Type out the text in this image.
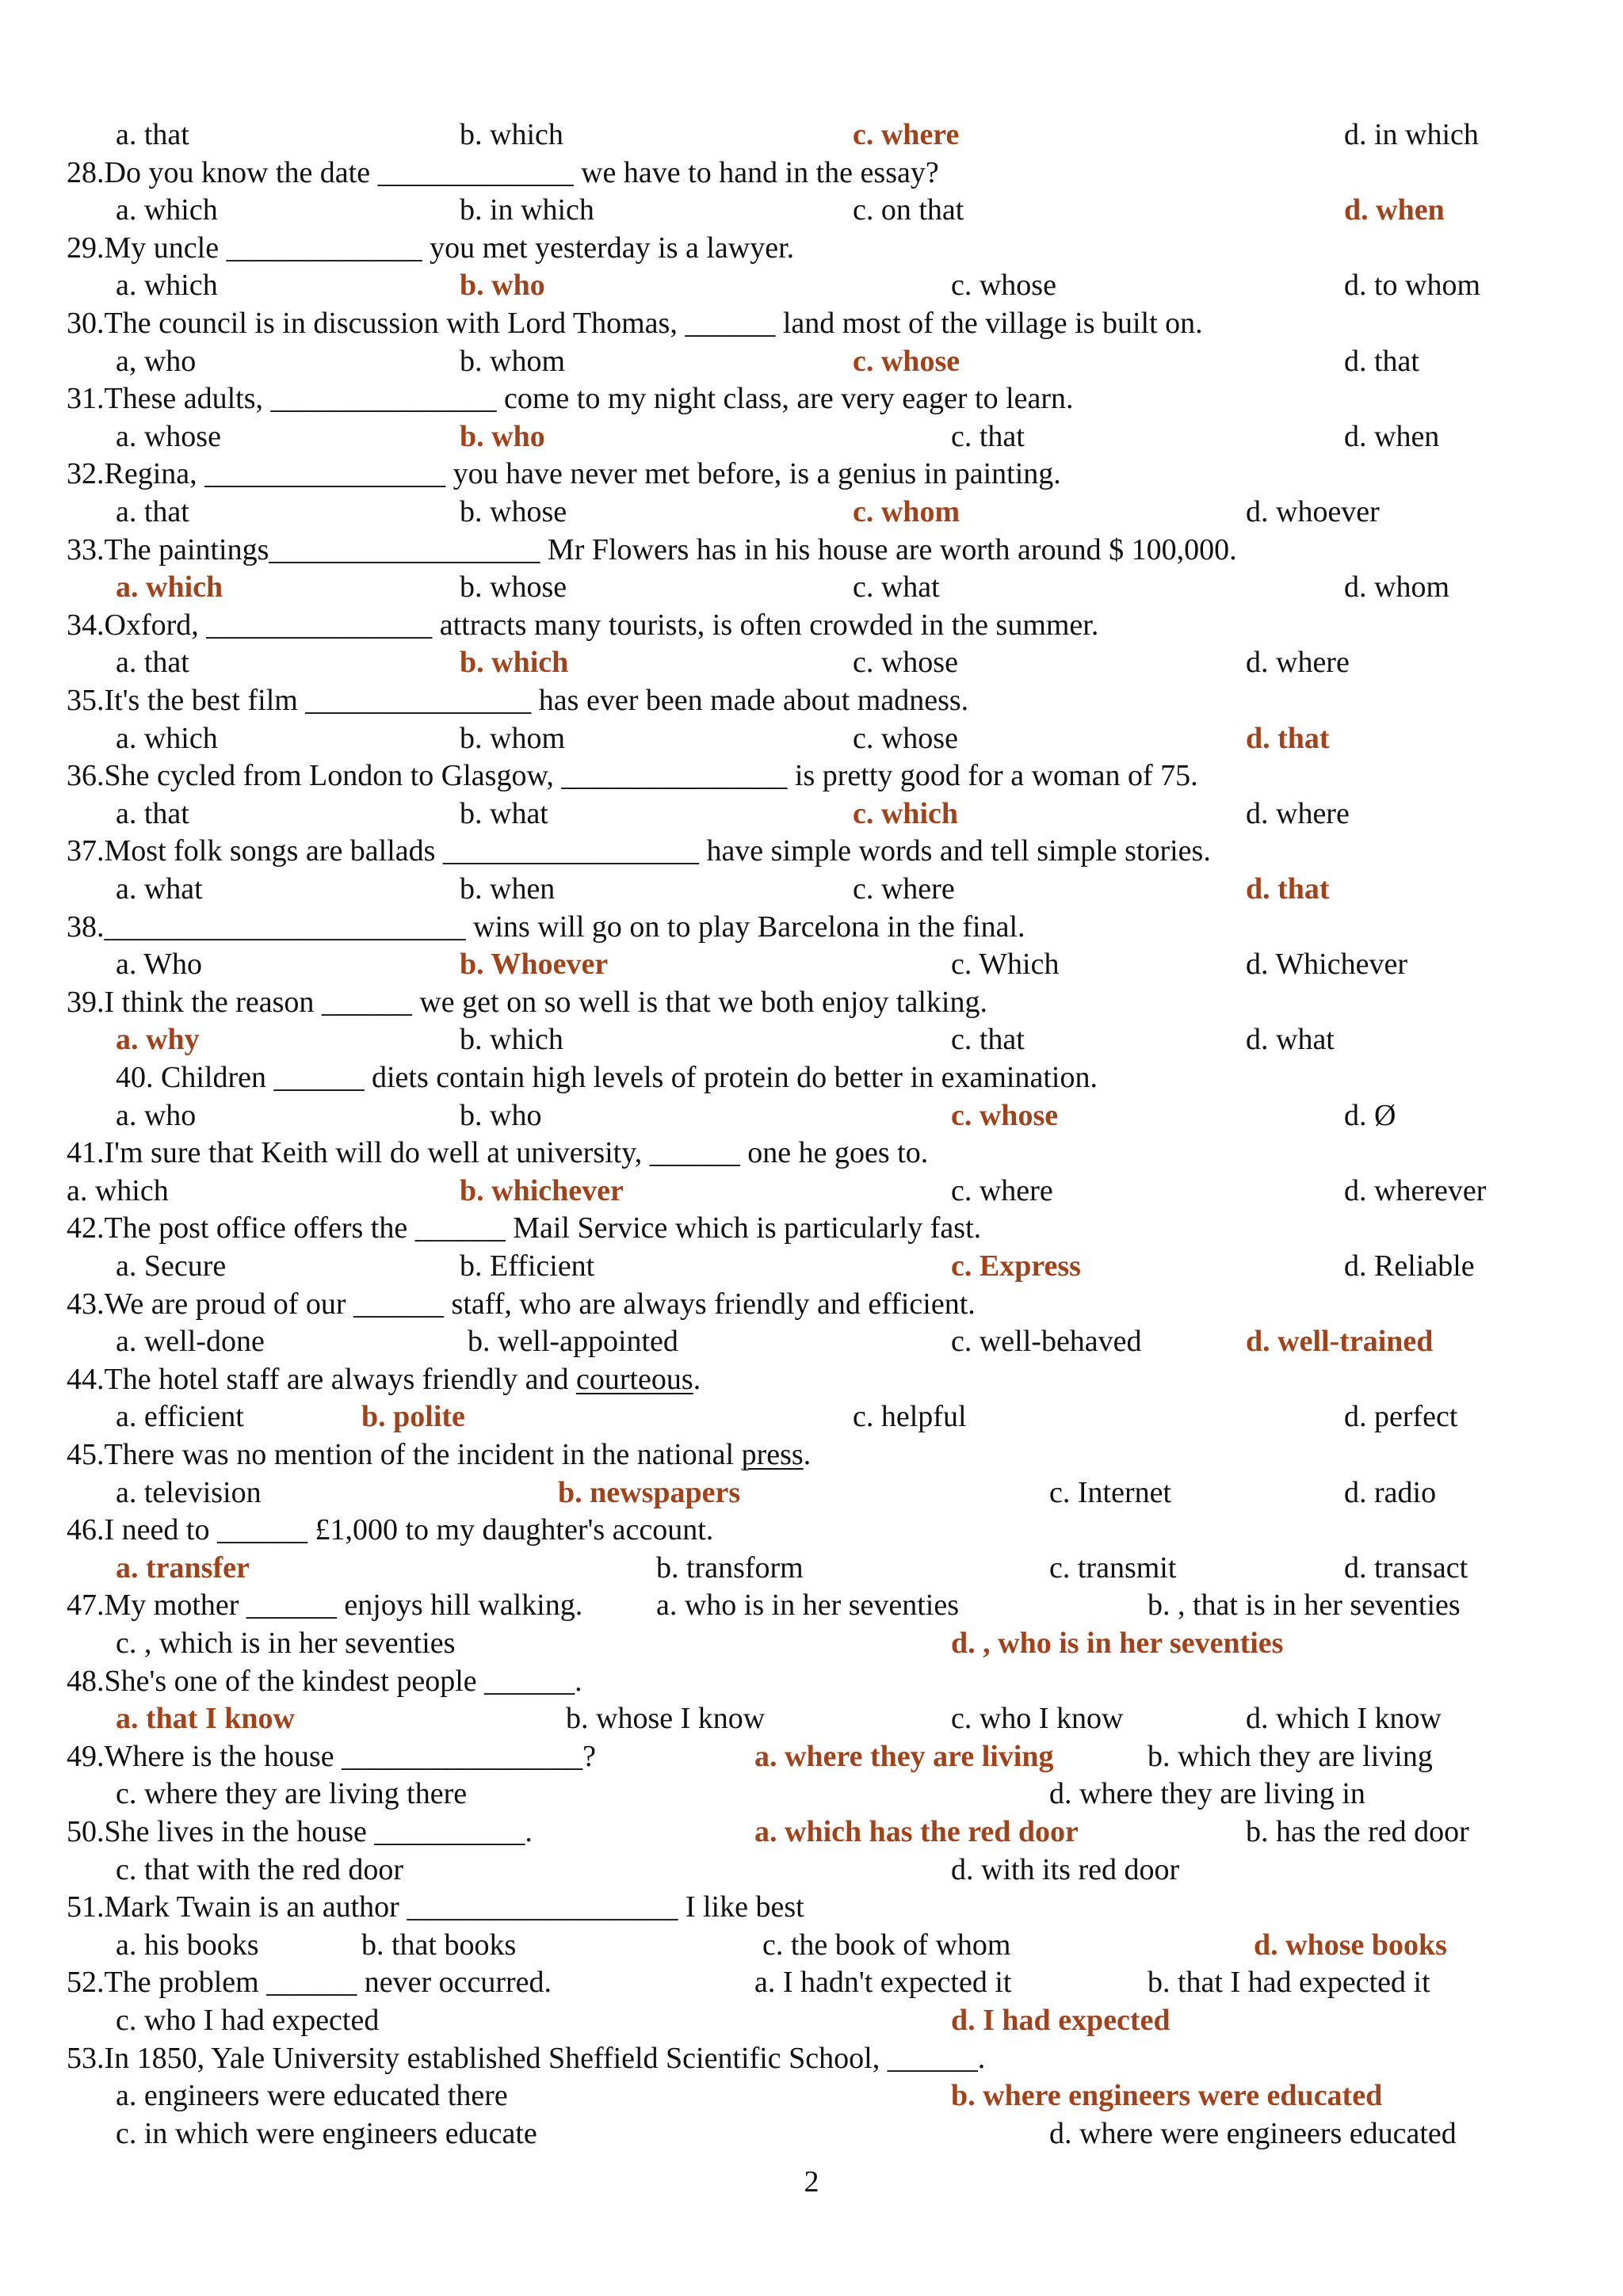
a. that	b. which	c. where	d. in which
28.Do you know the date _____________ we have to hand in the essay?
a. which	b. in which	c. on that	d. when
29.My uncle _____________ you met yesterday is a lawyer.
a. which	b. who	c. whose	d. to whom
30.The council is in discussion with Lord Thomas, ______ land most of the village is built on.
a, who	b. whom	c. whose	d. that
31.These adults, _______________ come to my night class, are very eager to learn.
a. whose	b. who	c. that	d. when
32.Regina, ________________ you have never met before, is a genius in painting.
a. that	b. whose	c. whom	d. whoever
33.The paintings__________________ Mr Flowers has in his house are worth around $ 100,000.
a. which	b. whose	c. what	d. whom
34.Oxford, _______________ attracts many tourists, is often crowded in the summer.
a. that	b. which	c. whose	d. where
35.It's the best film _______________ has ever been made about madness.
a. which	b. whom	c. whose	d. that
36.She cycled from London to Glasgow, _______________ is pretty good for a woman of 75.
a. that	b. what	c. which	d. where
37.Most folk songs are ballads _________________ have simple words and tell simple stories.
a. what	b. when	c. where	d. that
38.________________________ wins will go on to play Barcelona in the final.
a. Who	b. Whoever	c. Which	d. Whichever
39.I think the reason ______ we get on so well is that we both enjoy talking.
a. why	b. which	c. that	d. what
40. Children ______ diets contain high levels of protein do better in examination.
a. who	b. who	c. whose	d. Ø
41.I'm sure that Keith will do well at university, ______ one he goes to.
a. which	b. whichever	c. where	d. wherever
42.The post office offers the ______ Mail Service which is particularly fast.
a. Secure	b. Efficient	c. Express	d. Reliable
43.We are proud of our ______ staff, who are always friendly and efficient.
a. well-done	b. well-appointed	c. well-behaved	d. well-trained
44.The hotel staff are always friendly and courteous.
a. efficient	b. polite	c. helpful	d. perfect
45.There was no mention of the incident in the national press.
a. television	b. newspapers	c. Internet	d. radio
46.I need to ______ £1,000 to my daughter's account.
a. transfer	b. transform	c. transmit	d. transact
47.My mother ______ enjoys hill walking. a. who is in her seventies	b. , that is in her seventies
c. , which is in her seventies	d. , who is in her seventies
48.She's one of the kindest people ______.
a. that I know	b. whose I know	c. who I know	d. which I know
49.Where is the house ________________?	a. where they are living	b. which they are living
c. where they are living there	d. where they are living in
50.She lives in the house __________.	a. which has the red door	b. has the red door
c. that with the red door	d. with its red door
51.Mark Twain is an author __________________ I like best
a. his books	b. that books	c. the book of whom	d. whose books
52.The problem ______ never occurred.	a. I hadn't expected it	b. that I had expected it
c. who I had expected	d. I had expected
53.In 1850, Yale University established Sheffield Scientific School, ______.
a. engineers were educated there	b. where engineers were educated
c. in which were engineers educate	d. where were engineers educated
2
